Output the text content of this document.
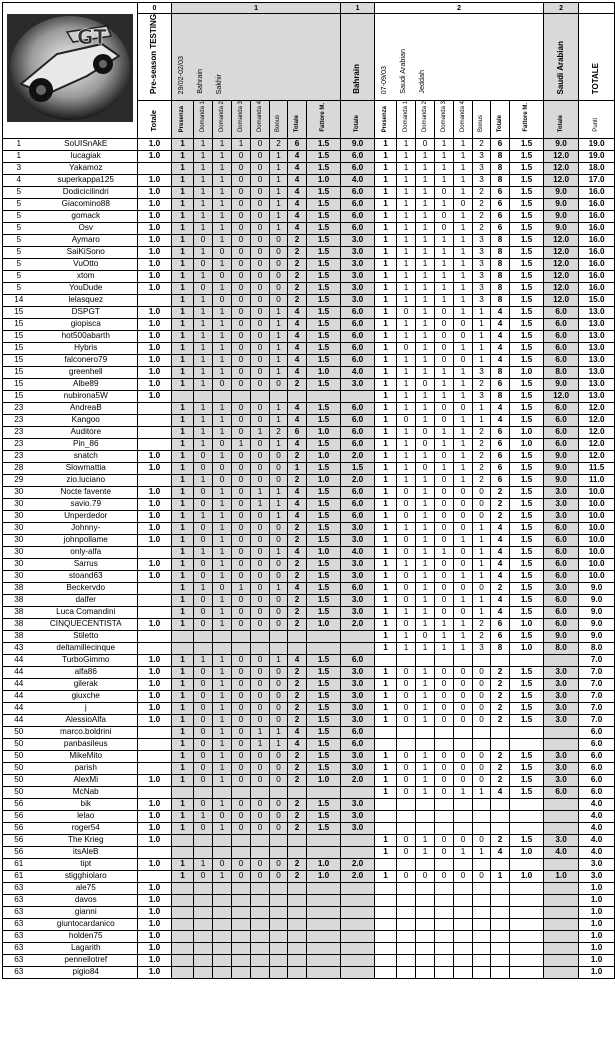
GT		0	1								1	2								2	
		Pre-season TESTING	29/02-02/03 Bahrain Sakhir								Bahrain	07-09/03 Saudi Arabian Jeddah								Saudi Arabian	TOTALE
		Totale	Presenza	Domanda 1	Domanda 2	Domanda 3	Domanda 4	Bonus	Totale	Fattore M.	Totale	Presenza	Domanda 1	Domanda 2	Domanda 3	Domanda 4	Bonus	Totale	Fattore M.	Totale	Punti
1	SoUISnAkE	1.0	1	1	1	1	0	2	6	1.5	9.0	1	1	0	1	1	2	6	1.5	9.0	19.0
1	lucagiak	1.0	1	1	1	0	0	1	4	1.5	6.0	1	1	1	1	1	3	8	1.5	12.0	19.0
3	Yakamoz		1	1	1	0	0	1	4	1.5	6.0	1	1	1	1	1	3	8	1.5	12.0	18.0
4	superkappa125	1.0	1	1	1	0	0	1	4	1.0	4.0	1	1	1	1	1	3	8	1.5	12.0	17.0
5	Dodicicilindri	1.0	1	1	1	0	0	1	4	1.5	6.0	1	1	1	0	1	2	6	1.5	9.0	16.0
5	Giacomino88	1.0	1	1	1	0	0	1	4	1.5	6.0	1	1	1	1	0	2	6	1.5	9.0	16.0
5	gomack	1.0	1	1	1	0	0	1	4	1.5	6.0	1	1	1	0	1	2	6	1.5	9.0	16.0
5	Osv	1.0	1	1	1	0	0	1	4	1.5	6.0	1	1	1	0	1	2	6	1.5	9.0	16.0
5	Aymaro	1.0	1	0	1	0	0	0	2	1.5	3.0	1	1	1	1	1	3	8	1.5	12.0	16.0
5	SaiKiSono	1.0	1	1	0	0	0	0	2	1.5	3.0	1	1	1	1	1	3	8	1.5	12.0	16.0
5	VuOtto	1.0	1	0	1	0	0	0	2	1.5	3.0	1	1	1	1	1	3	8	1.5	12.0	16.0
5	xtom	1.0	1	1	0	0	0	0	2	1.5	3.0	1	1	1	1	1	3	8	1.5	12.0	16.0
5	YouDude	1.0	1	0	1	0	0	0	2	1.5	3.0	1	1	1	1	1	3	8	1.5	12.0	16.0
14	lelasquez		1	1	0	0	0	0	2	1.5	3.0	1	1	1	1	1	3	8	1.5	12.0	15.0
15	DSPGT	1.0	1	1	1	0	0	1	4	1.5	6.0	1	0	1	0	1	1	4	1.5	6.0	13.0
15	giopisca	1.0	1	1	1	0	0	1	4	1.5	6.0	1	1	1	0	0	1	4	1.5	6.0	13.0
15	hot500abarth	1.0	1	1	1	0	0	1	4	1.5	6.0	1	1	1	0	0	1	4	1.5	6.0	13.0
15	Hybris	1.0	1	1	1	0	0	1	4	1.5	6.0	1	0	1	0	1	1	4	1.5	6.0	13.0
15	falconero79	1.0	1	1	1	0	0	1	4	1.5	6.0	1	1	1	0	0	1	4	1.5	6.0	13.0
15	greenhell	1.0	1	1	1	0	0	1	4	1.0	4.0	1	1	1	1	1	3	8	1.0	8.0	13.0
15	Albe89	1.0	1	1	0	0	0	0	2	1.5	3.0	1	1	0	1	1	2	6	1.5	9.0	13.0
15	nubirona5W	1.0										1	1	1	1	1	3	8	1.5	12.0	13.0
23	AndreaB		1	1	1	0	0	1	4	1.5	6.0	1	1	1	0	0	1	4	1.5	6.0	12.0
23	Kangoo		1	1	1	0	0	1	4	1.5	6.0	1	0	1	0	1	1	4	1.5	6.0	12.0
23	Auditore		1	1	1	0	1	2	6	1.0	6.0	1	1	0	1	1	2	6	1.0	6.0	12.0
23	Pin_86		1	1	0	1	0	1	4	1.5	6.0	1	1	0	1	1	2	6	1.0	6.0	12.0
23	snatch	1.0	1	0	1	0	0	0	2	1.0	2.0	1	1	1	0	1	2	6	1.5	9.0	12.0
28	Slowmattia	1.0	1	0	0	0	0	0	1	1.5	1.5	1	1	0	1	1	2	6	1.5	9.0	11.5
29	zio.luciano		1	1	0	0	0	0	2	1.0	2.0	1	1	1	0	1	2	6	1.5	9.0	11.0
30	Nocte favente	1.0	1	0	1	0	1	1	4	1.5	6.0	1	0	1	0	0	0	2	1.5	3.0	10.0
30	savio.79	1.0	1	0	1	0	1	1	4	1.5	6.0	1	0	1	0	0	0	2	1.5	3.0	10.0
30	Unperdedor	1.0	1	1	1	0	0	1	4	1.5	6.0	1	0	1	0	0	0	2	1.5	3.0	10.0
30	Johnny-	1.0	1	0	1	0	0	0	2	1.5	3.0	1	1	1	0	0	1	4	1.5	6.0	10.0
30	johnpollame	1.0	1	0	1	0	0	0	2	1.5	3.0	1	0	1	0	1	1	4	1.5	6.0	10.0
30	only-alfa		1	1	1	0	0	1	4	1.0	4.0	1	0	1	1	0	1	4	1.5	6.0	10.0
30	Sarrus	1.0	1	0	1	0	0	0	2	1.5	3.0	1	1	1	0	0	1	4	1.5	6.0	10.0
30	stoand63	1.0	1	0	1	0	0	0	2	1.5	3.0	1	0	1	0	1	1	4	1.5	6.0	10.0
38	Beckervdo		1	1	0	1	0	1	4	1.5	6.0	1	0	1	0	0	0	2	1.5	3.0	9.0
38	dalfer		1	0	1	0	0	0	2	1.5	3.0	1	0	1	0	1	1	4	1.5	6.0	9.0
38	Luca Comandini		1	0	1	0	0	0	2	1.5	3.0	1	1	1	0	0	1	4	1.5	6.0	9.0
38	CINQUECENTISTA	1.0	1	0	1	0	0	0	2	1.0	2.0	1	0	1	1	1	2	6	1.0	6.0	9.0
38	Stiletto											1	1	0	1	1	2	6	1.5	9.0	9.0
43	deltamillecinque											1	1	1	1	1	3	8	1.0	8.0	8.0
44	TurboGimmo	1.0	1	1	1	0	0	1	4	1.5	6.0										7.0
44	alfa86	1.0	1	0	1	0	0	0	2	1.5	3.0	1	0	1	0	0	0	2	1.5	3.0	7.0
44	gilerak	1.0	1	0	1	0	0	0	2	1.5	3.0	1	0	1	0	0	0	2	1.5	3.0	7.0
44	giuxche	1.0	1	0	1	0	0	0	2	1.5	3.0	1	0	1	0	0	0	2	1.5	3.0	7.0
44	j	1.0	1	0	1	0	0	0	2	1.5	3.0	1	0	1	0	0	0	2	1.5	3.0	7.0
44	AlessioAlfa	1.0	1	0	1	0	0	0	2	1.5	3.0	1	0	1	0	0	0	2	1.5	3.0	7.0
50	marco.boldrini		1	0	1	0	1	1	4	1.5	6.0										6.0
50	panbasileus		1	0	1	0	1	1	4	1.5	6.0										6.0
50	MikeMito		1	0	1	0	0	0	2	1.5	3.0	1	0	1	0	0	0	2	1.5	3.0	6.0
50	parish		1	0	1	0	0	0	2	1.5	3.0	1	0	1	0	0	0	2	1.5	3.0	6.0
50	AlexMi	1.0	1	0	1	0	0	0	2	1.0	2.0	1	0	1	0	0	0	2	1.5	3.0	6.0
50	McNab											1	0	1	0	1	1	4	1.5	6.0	6.0
56	bik	1.0	1	0	1	0	0	0	2	1.5	3.0										4.0
56	lelao	1.0	1	1	0	0	0	0	2	1.5	3.0										4.0
56	roger54	1.0	1	0	1	0	0	0	2	1.5	3.0										4.0
56	The Krieg	1.0										1	0	1	0	0	0	2	1.5	3.0	4.0
56	itsAleB											1	0	1	0	1	1	4	1.0	4.0	4.0
61	tipt	1.0	1	1	0	0	0	0	2	1.0	2.0										3.0
61	stigghiolaro		1	0	1	0	0	0	2	1.0	2.0	1	0	0	0	0	0	1	1.0	1.0	3.0
63	ale75	1.0																			1.0
63	davos	1.0																			1.0
63	gianni	1.0																			1.0
63	giuntocardanico	1.0																			1.0
63	holden75	1.0																			1.0
63	Lagarith	1.0																			1.0
63	pennellotref	1.0																			1.0
63	pigio84	1.0																			1.0
